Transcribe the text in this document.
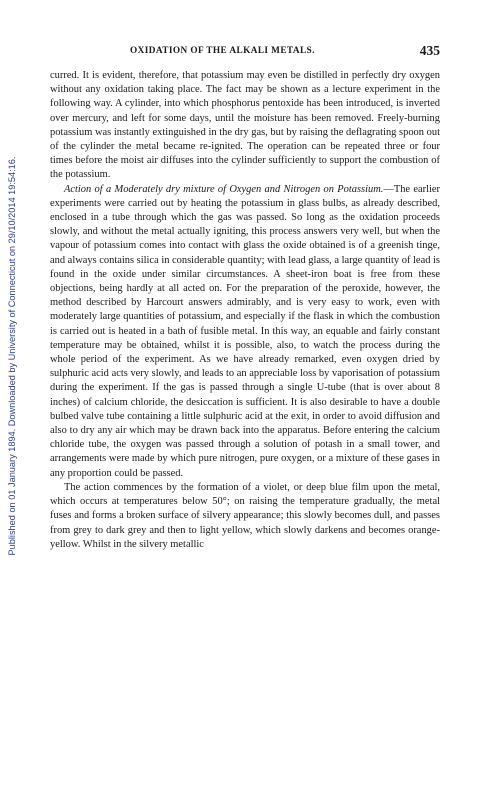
Published on 01 January 1894. Downloaded by University of Connecticut on 29/10/2014 19:54:16.
OXIDATION OF THE ALKALI METALS.	435

curred. It is evident, therefore, that potassium may even be distilled in perfectly dry oxygen without any oxidation taking place. The fact may be shown as a lecture experiment in the following way. A cylinder, into which phosphorus pentoxide has been introduced, is inverted over mercury, and left for some days, until the moisture has been removed. Freely-burning potassium was instantly extinguished in the dry gas, but by raising the deflagrating spoon out of the cylinder the metal became re-ignited. The operation can be repeated three or four times before the moist air diffuses into the cylinder sufficiently to support the combustion of the potassium.

Action of a Moderately dry mixture of Oxygen and Nitrogen on Potassium.—The earlier experiments were carried out by heating the potassium in glass bulbs, as already described, enclosed in a tube through which the gas was passed. So long as the oxidation proceeds slowly, and without the metal actually igniting, this process answers very well, but when the vapour of potassium comes into contact with glass the oxide obtained is of a greenish tinge, and always contains silica in considerable quantity; with lead glass, a large quantity of lead is found in the oxide under similar circumstances. A sheet-iron boat is free from these objections, being hardly at all acted on. For the preparation of the peroxide, however, the method described by Harcourt answers admirably, and is very easy to work, even with moderately large quantities of potassium, and especially if the flask in which the combustion is carried out is heated in a bath of fusible metal. In this way, an equable and fairly constant temperature may be obtained, whilst it is possible, also, to watch the process during the whole period of the experiment. As we have already remarked, even oxygen dried by sulphuric acid acts very slowly, and leads to an appreciable loss by vaporisation of potassium during the experiment. If the gas is passed through a single U-tube (that is over about 8 inches) of calcium chloride, the desiccation is sufficient. It is also desirable to have a double bulbed valve tube containing a little sulphuric acid at the exit, in order to avoid diffusion and also to dry any air which may be drawn back into the apparatus. Before entering the calcium chloride tube, the oxygen was passed through a solution of potash in a small tower, and arrangements were made by which pure nitrogen, pure oxygen, or a mixture of these gases in any proportion could be passed.

The action commences by the formation of a violet, or deep blue film upon the metal, which occurs at temperatures below 50°; on raising the temperature gradually, the metal fuses and forms a broken surface of silvery appearance; this slowly becomes dull, and passes from grey to dark grey and then to light yellow, which slowly darkens and becomes orange-yellow. Whilst in the silvery metallic
